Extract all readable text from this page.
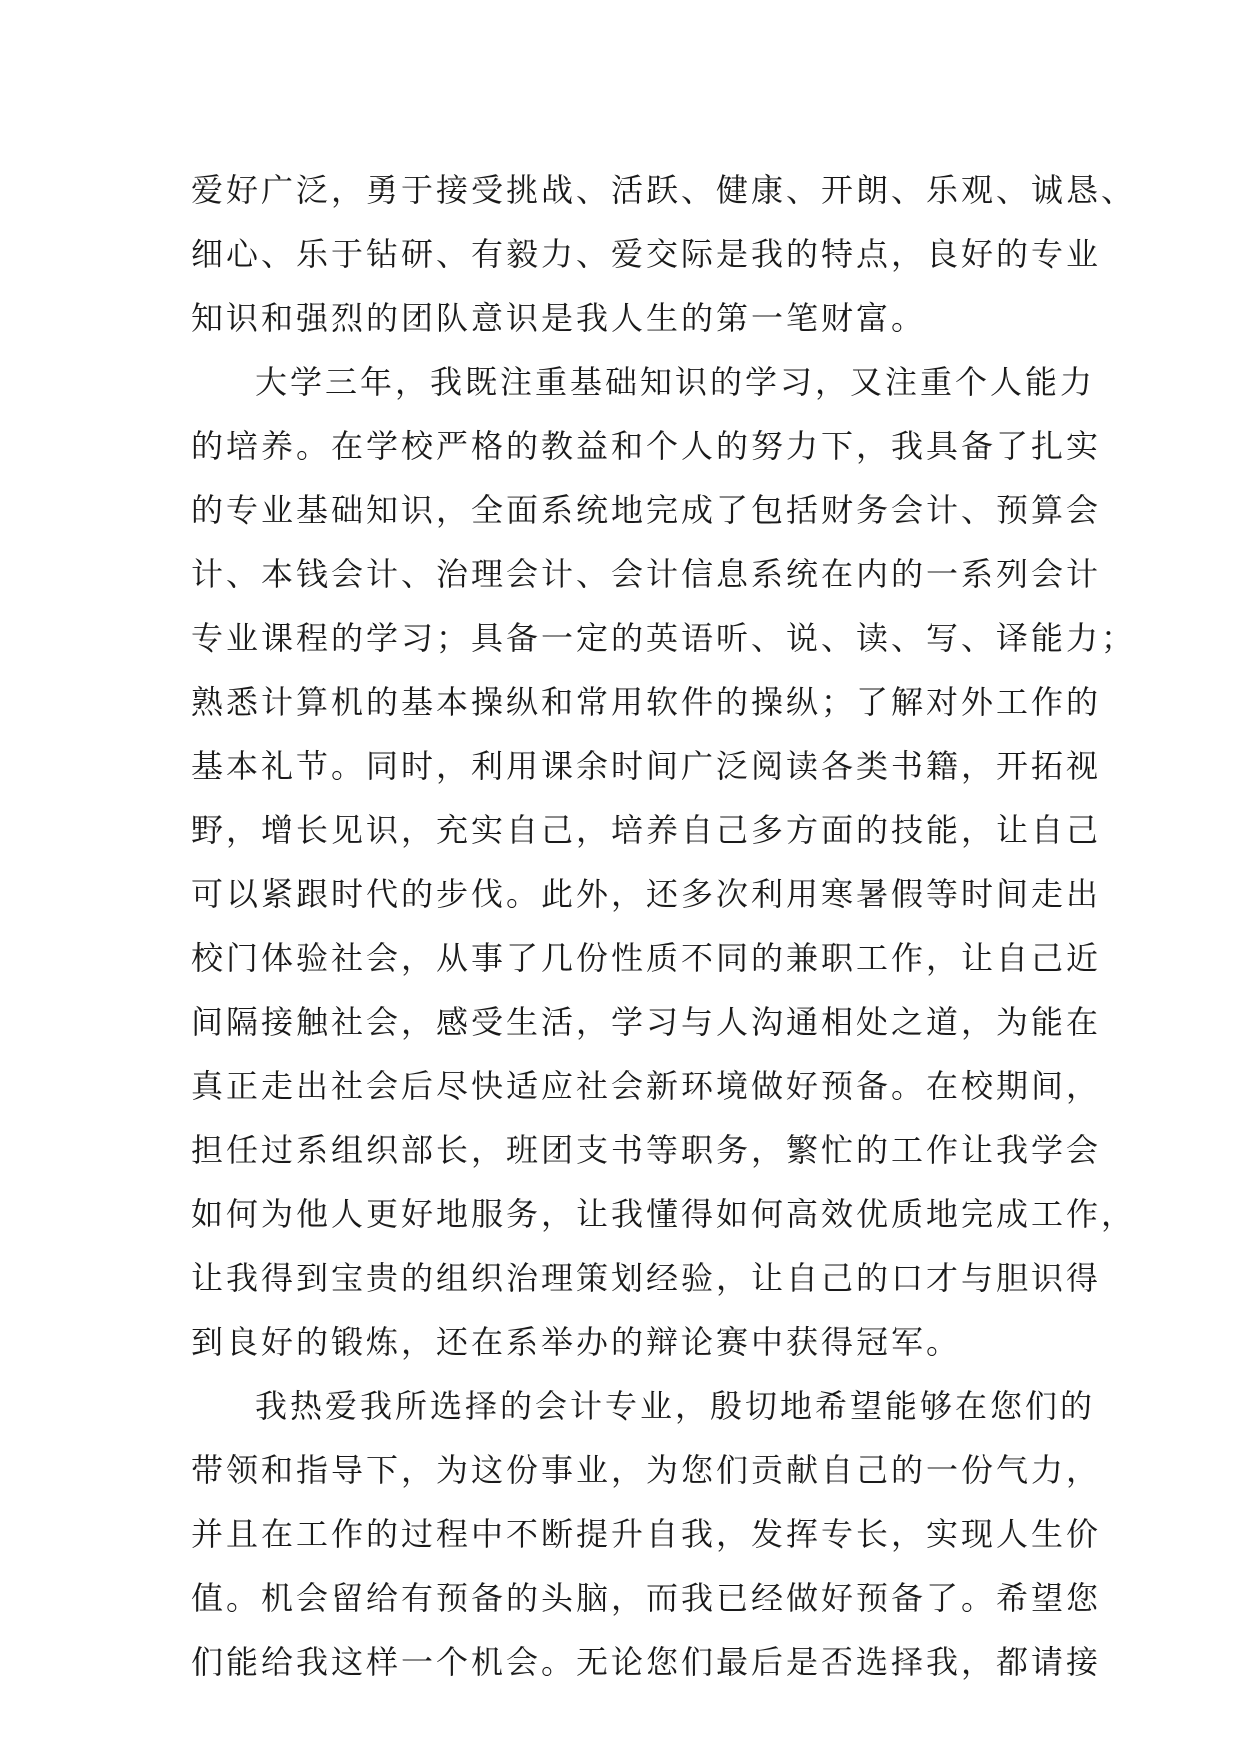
爱好广泛，勇于接受挑战、活跃、健康、开朗、乐观、诚恳、
细心、乐于钻研、有毅力、爱交际是我的特点，良好的专业
知识和强烈的团队意识是我人生的第一笔财富。
大学三年，我既注重基础知识的学习，又注重个人能力
的培养。在学校严格的教益和个人的努力下，我具备了扎实
的专业基础知识，全面系统地完成了包括财务会计、预算会
计、本钱会计、治理会计、会计信息系统在内的一系列会计
专业课程的学习；具备一定的英语听、说、读、写、译能力；
熟悉计算机的基本操纵和常用软件的操纵；了解对外工作的
基本礼节。同时，利用课余时间广泛阅读各类书籍，开拓视
野，增长见识，充实自己，培养自己多方面的技能，让自己
可以紧跟时代的步伐。此外，还多次利用寒暑假等时间走出
校门体验社会，从事了几份性质不同的兼职工作，让自己近
间隔接触社会，感受生活，学习与人沟通相处之道，为能在
真正走出社会后尽快适应社会新环境做好预备。在校期间，
担任过系组织部长，班团支书等职务，繁忙的工作让我学会
如何为他人更好地服务，让我懂得如何高效优质地完成工作，
让我得到宝贵的组织治理策划经验，让自己的口才与胆识得
到良好的锻炼，还在系举办的辩论赛中获得冠军。
我热爱我所选择的会计专业，殷切地希望能够在您们的
带领和指导下，为这份事业，为您们贡献自己的一份气力，
并且在工作的过程中不断提升自我，发挥专长，实现人生价
值。机会留给有预备的头脑，而我已经做好预备了。希望您
们能给我这样一个机会。无论您们最后是否选择我，都请接
